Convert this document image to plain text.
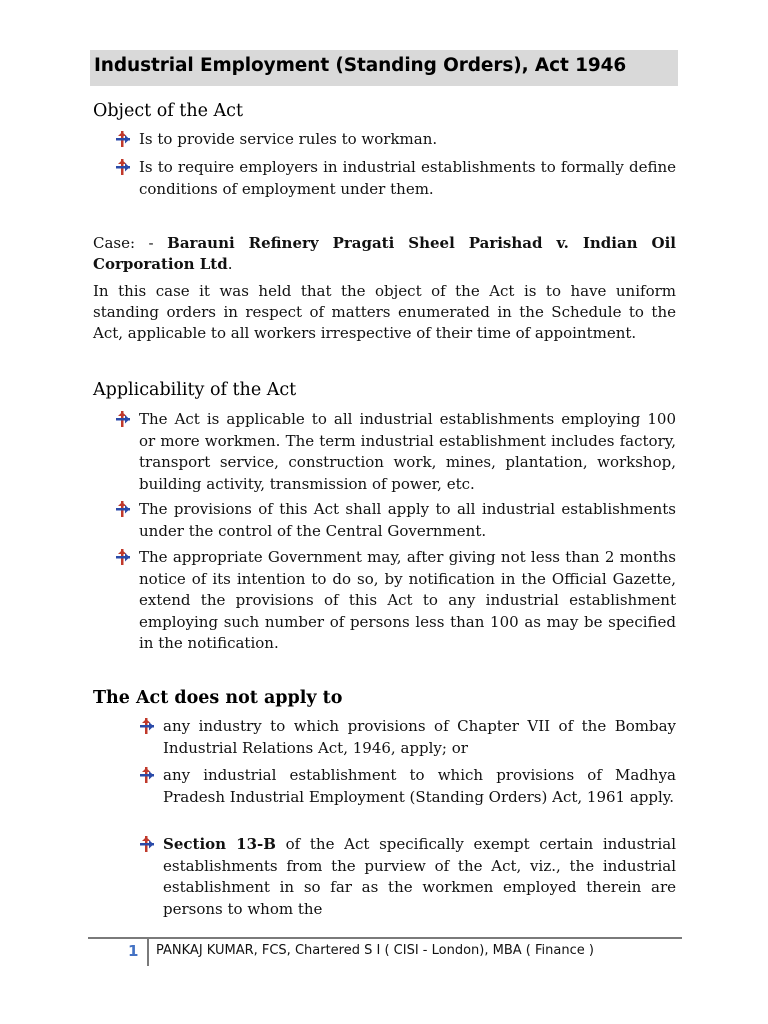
Industrial Employment (Standing Orders), Act 1946
Object of the Act
Is to provide service rules to workman.
Is to require employers in industrial establishments to formally define conditions of employment under them.
Case: - Barauni Refinery Pragati Sheel Parishad v. Indian Oil Corporation Ltd.
In this case it was held that the object of the Act is to have uniform standing orders in respect of matters enumerated in the Schedule to the Act, applicable to all workers irrespective of their time of appointment.
Applicability of the Act
The Act is applicable to all industrial establishments employing 100 or more workmen. The term industrial establishment includes factory, transport service, construction work, mines, plantation, workshop, building activity, transmission of power, etc.
The provisions of this Act shall apply to all industrial establishments under the control of the Central Government.
The appropriate Government may, after giving not less than 2 months notice of its intention to do so, by notification in the Official Gazette, extend the provisions of this Act to any industrial establishment employing such number of persons less than 100 as may be specified in the notification.
The Act does not apply to
any industry to which provisions of Chapter VII of the Bombay Industrial Relations Act, 1946, apply; or
any industrial establishment to which provisions of Madhya Pradesh Industrial Employment (Standing Orders) Act, 1961 apply.
Section 13-B of the Act specifically exempt certain industrial establishments from the purview of the Act, viz., the industrial establishment in so far as the workmen employed therein are persons to whom the
1 PANKAJ KUMAR, FCS, Chartered S I ( CISI - London), MBA ( Finance )
